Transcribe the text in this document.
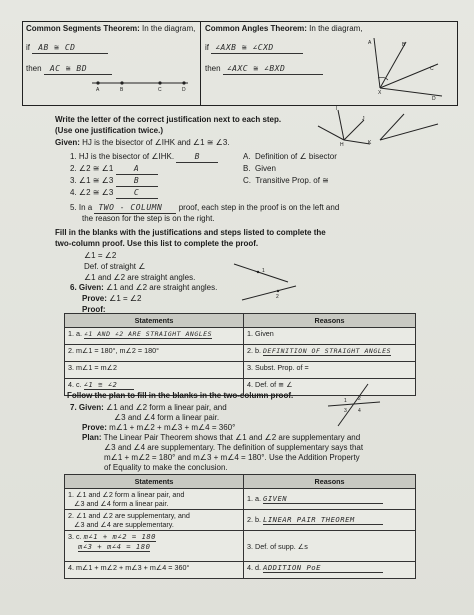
Common Segments Theorem: In the diagram,
if AB ≅ CD
then AC ≅ BD
A	B	C	D
Common Angles Theorem: In the diagram,
if ∠AXB ≅ ∠CXD
then ∠AXC ≅ ∠BXD
A	B
C
X
D
Write the letter of the correct justification next to each step.
(Use one justification twice.)
Given: HJ is the bisector of ∠IHK and ∠1 ≅ ∠3.
I
J
H	K
1. HJ is the bisector of ∠IHK.	B
2. ∠2 ≅ ∠1	A
3. ∠1 ≅ ∠3	B
4. ∠2 ≅ ∠3	C
A. Definition of ∠ bisector
B. Given
C. Transitive Prop. of ≅
5. In a TWO - COLUMN proof, each step in the proof is on the left and
the reason for the step is on the right.
Fill in the blanks with the justifications and steps listed to complete the
two-column proof. Use this list to complete the proof.
∠1 = ∠2
Def. of straight ∠
∠1 and ∠2 are straight angles.
6. Given: ∠1 and ∠2 are straight angles.
Prove: ∠1 = ∠2
Proof:
1
2
Statements	Reasons
1. a. ∠1 AND ∠2 ARE STRAIGHT ANGLES	1. Given
2. m∠1 = 180°, m∠2 = 180°	2. b. DEFINITION OF STRAIGHT ANGLES
3. m∠1 = m∠2	3. Subst. Prop. of =
4. c. ∠1 ≅ ∠2	4. Def. of ≅ ∠
Follow the plan to fill in the blanks in the two-column proof.
7. Given: ∠1 and ∠2 form a linear pair, and
∠3 and ∠4 form a linear pair.
Prove: m∠1 + m∠2 + m∠3 + m∠4 = 360°
Plan: The Linear Pair Theorem shows that ∠1 and ∠2 are supplementary and
∠3 and ∠4 are supplementary. The definition of supplementary says that
m∠1 + m∠2 = 180° and m∠3 + m∠4 = 180°. Use the Addition Property
of Equality to make the conclusion.
1 2
3 4
Statements	Reasons
1. ∠1 and ∠2 form a linear pair, and
∠3 and ∠4 form a linear pair.	1. a. GIVEN
2. ∠1 and ∠2 are supplementary, and
∠3 and ∠4 are supplementary.	2. b. LINEAR PAIR THEOREM
3. c. m∠1 + m∠2 = 180
m∠3 + m∠4 = 180	3. Def. of supp. ∠s
4. m∠1 + m∠2 + m∠3 + m∠4 = 360°	4. d. ADDITION PoE
